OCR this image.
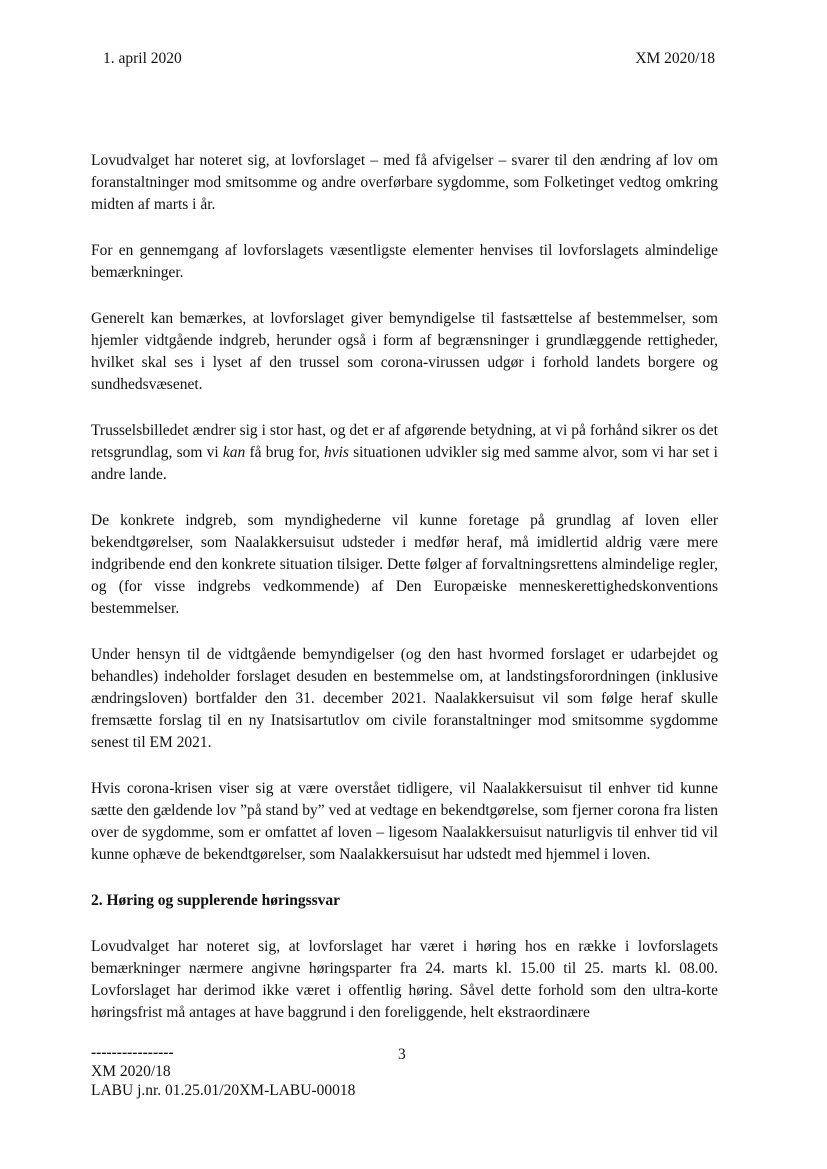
1. april 2020	XM 2020/18

Lovudvalget har noteret sig, at lovforslaget – med få afvigelser – svarer til den ændring af lov om foranstaltninger mod smitsomme og andre overførbare sygdomme, som Folketinget vedtog omkring midten af marts i år.

For en gennemgang af lovforslagets væsentligste elementer henvises til lovforslagets almindelige bemærkninger.

Generelt kan bemærkes, at lovforslaget giver bemyndigelse til fastsættelse af bestemmelser, som hjemler vidtgående indgreb, herunder også i form af begrænsninger i grundlæggende rettigheder, hvilket skal ses i lyset af den trussel som corona-virussen udgør i forhold landets borgere og sundhedsvæsenet.

Trusselsbilledet ændrer sig i stor hast, og det er af afgørende betydning, at vi på forhånd sikrer os det retsgrundlag, som vi kan få brug for, hvis situationen udvikler sig med samme alvor, som vi har set i andre lande.

De konkrete indgreb, som myndighederne vil kunne foretage på grundlag af loven eller bekendtgørelser, som Naalakkersuisut udsteder i medfør heraf, må imidlertid aldrig være mere indgribende end den konkrete situation tilsiger. Dette følger af forvaltningsrettens almindelige regler, og (for visse indgrebs vedkommende) af Den Europæiske menneskerettighedskonventions bestemmelser.

Under hensyn til de vidtgående bemyndigelser (og den hast hvormed forslaget er udarbejdet og behandles) indeholder forslaget desuden en bestemmelse om, at landstingsforordningen (inklusive ændringsloven) bortfalder den 31. december 2021. Naalakkersuisut vil som følge heraf skulle fremsætte forslag til en ny Inatsisartutlov om civile foranstaltninger mod smitsomme sygdomme senest til EM 2021.

Hvis corona-krisen viser sig at være overstået tidligere, vil Naalakkersuisut til enhver tid kunne sætte den gældende lov ”på stand by” ved at vedtage en bekendtgørelse, som fjerner corona fra listen over de sygdomme, som er omfattet af loven – ligesom Naalakkersuisut naturligvis til enhver tid vil kunne ophæve de bekendtgørelser, som Naalakkersuisut har udstedt med hjemmel i loven.

2. Høring og supplerende høringssvar

Lovudvalget har noteret sig, at lovforslaget har været i høring hos en række i lovforslagets bemærkninger nærmere angivne høringsparter fra 24. marts kl. 15.00 til 25. marts kl. 08.00. Lovforslaget har derimod ikke været i offentlig høring. Såvel dette forhold som den ultra-korte høringsfrist må antages at have baggrund i den foreliggende, helt ekstraordinære

----------------
XM 2020/18
LABU j.nr. 01.25.01/20XM-LABU-00018
3
